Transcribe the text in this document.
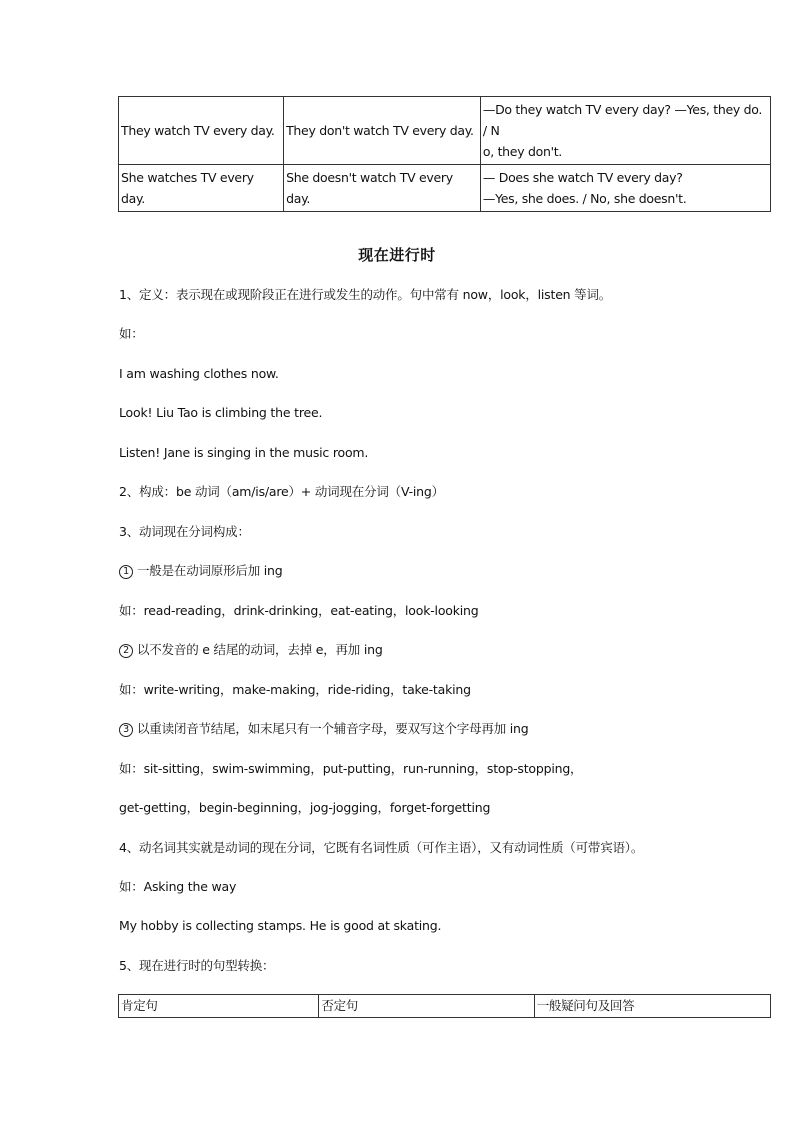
They watch TV every day.	They don't watch TV every day.	—Do they watch TV every day? —Yes, they do. / N
o, they don't.
She watches TV every day.	She doesn't watch TV every day.	— Does she watch TV every day?
—Yes, she does. / No, she doesn't.
现在进行时
1、定义：表示现在或现阶段正在进行或发生的动作。句中常有 now，look，listen 等词。
如：
I am washing clothes now.
Look! Liu Tao is climbing the tree.
Listen! Jane is singing in the music room.
2、构成：be 动词（am/is/are）+ 动词现在分词（V-ing）
3、动词现在分词构成：
1 一般是在动词原形后加 ing
如：read-reading，drink-drinking，eat-eating，look-looking
2 以不发音的 e 结尾的动词，去掉 e，再加 ing
如：write-writing，make-making，ride-riding，take-taking
3 以重读闭音节结尾，如末尾只有一个辅音字母，要双写这个字母再加 ing
如：sit-sitting，swim-swimming，put-putting，run-running，stop-stopping，
get-getting，begin-beginning，jog-jogging，forget-forgetting
4、动名词其实就是动词的现在分词，它既有名词性质（可作主语），又有动词性质（可带宾语）。
如：Asking the way
My hobby is collecting stamps. He is good at skating.
5、现在进行时的句型转换：
肯定句	否定句	一般疑问句及回答
